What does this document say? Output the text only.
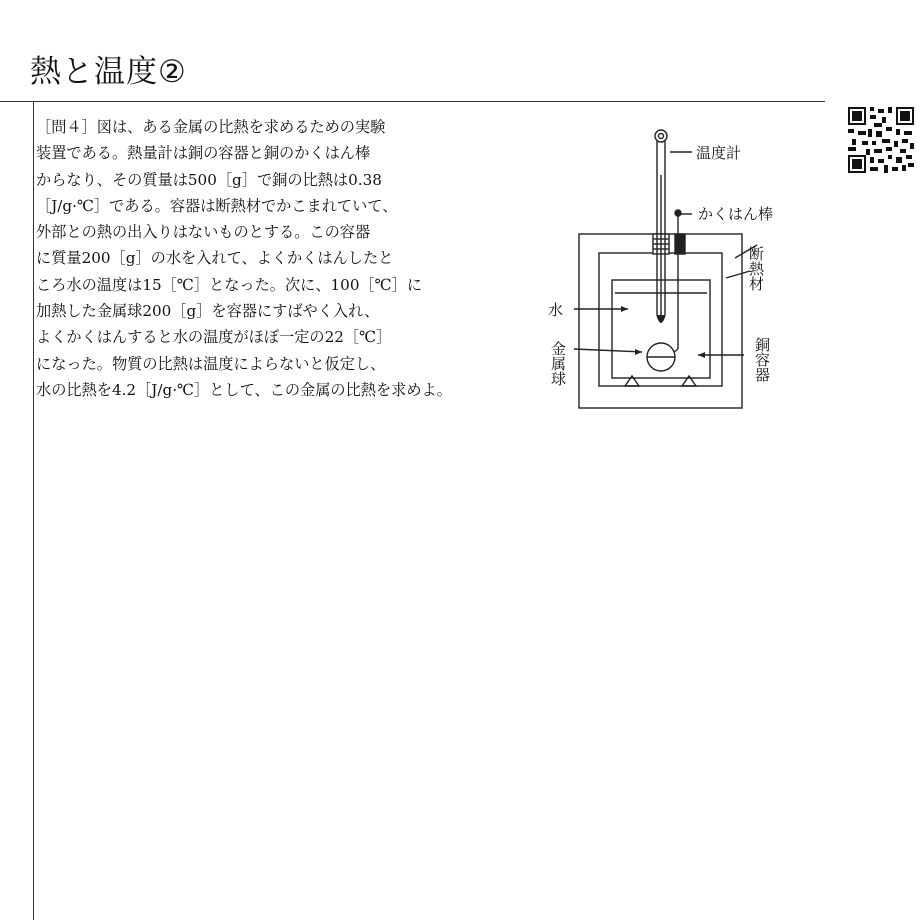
熱と温度②
［問４］図は、ある金属の比熱を求めるための実験
装置である。熱量計は銅の容器と銅のかくはん棒
からなり、その質量は500［g］で銅の比熱は0.38
［J/g·℃］である。容器は断熱材でかこまれていて、
外部との熱の出入りはないものとする。この容器
に質量200［g］の水を入れて、よくかくはんしたと
ころ水の温度は15［℃］となった。次に、100［℃］に
加熱した金属球200［g］を容器にすばやく入れ、
よくかくはんすると水の温度がほぼ一定の22［℃］
になった。物質の比熱は温度によらないと仮定し、
水の比熱を4.2［J/g·℃］として、この金属の比熱を求めよ。
温度計
かくはん棒
断熱材
水
金属球	銅容器
